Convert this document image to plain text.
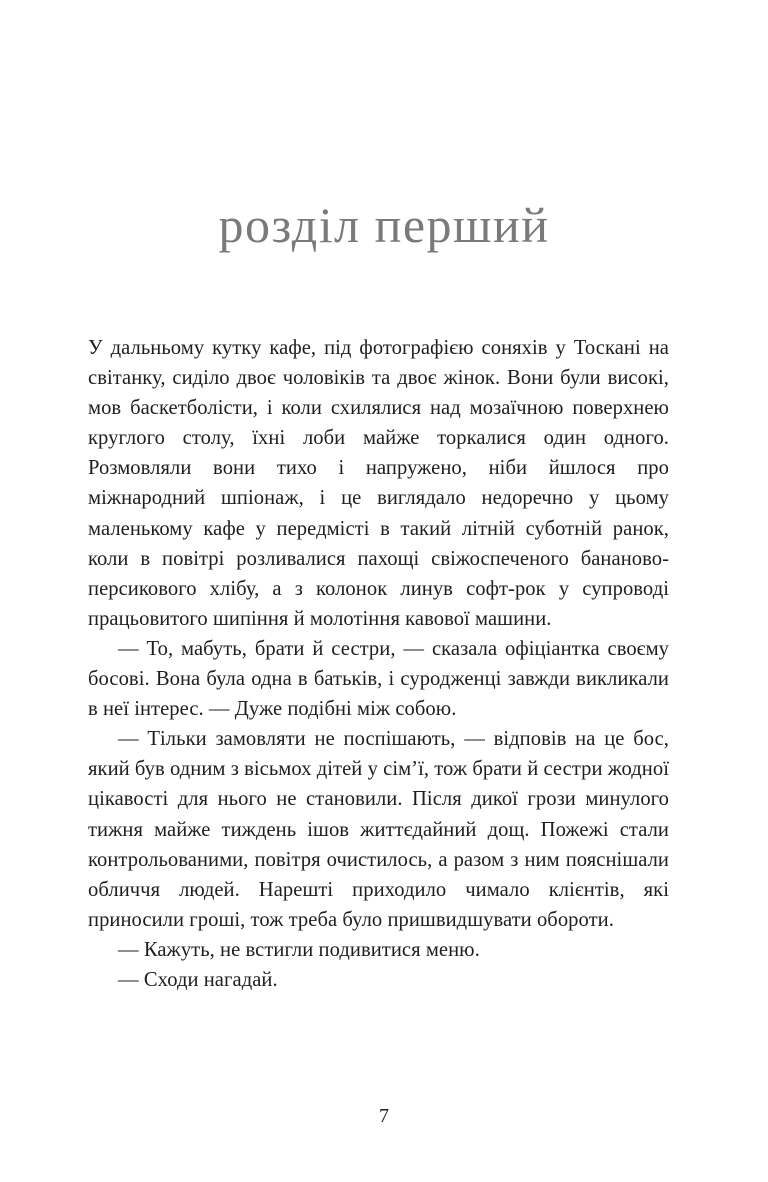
розділ перший

У дальньому кутку кафе, під фотографією соняхів у Тоскані на світанку, сиділо двоє чоловіків та двоє жінок. Вони були високі, мов баскетболісти, і коли схилялися над мозаїчною поверхнею круглого столу, їхні лоби майже торкалися один одного. Розмовляли вони тихо і напружено, ніби йшлося про міжнародний шпіонаж, і це виглядало недоречно у цьому маленькому кафе у передмісті в такий літній суботній ранок, коли в повітрі розливалися пахощі свіжоспеченого бананово-персикового хлібу, а з колонок линув софт-рок у супроводі працьовитого шипіння й молотіння кавової машини.

— То, мабуть, брати й сестри, — сказала офіціантка своєму босові. Вона була одна в батьків, і суродженці завжди викликали в неї інтерес. — Дуже подібні між собою.

— Тільки замовляти не поспішають, — відповів на це бос, який був одним з вісьмох дітей у сім’ї, тож брати й сестри жодної цікавості для нього не становили. Після дикої грози минулого тижня майже тиждень ішов життєдайний дощ. Пожежі стали контрольованими, повітря очистилось, а разом з ним пояснішали обличчя людей. Нарешті приходило чимало клієнтів, які приносили гроші, тож треба було пришвидшувати обороти.

— Кажуть, не встигли подивитися меню.

— Сходи нагадай.

7
